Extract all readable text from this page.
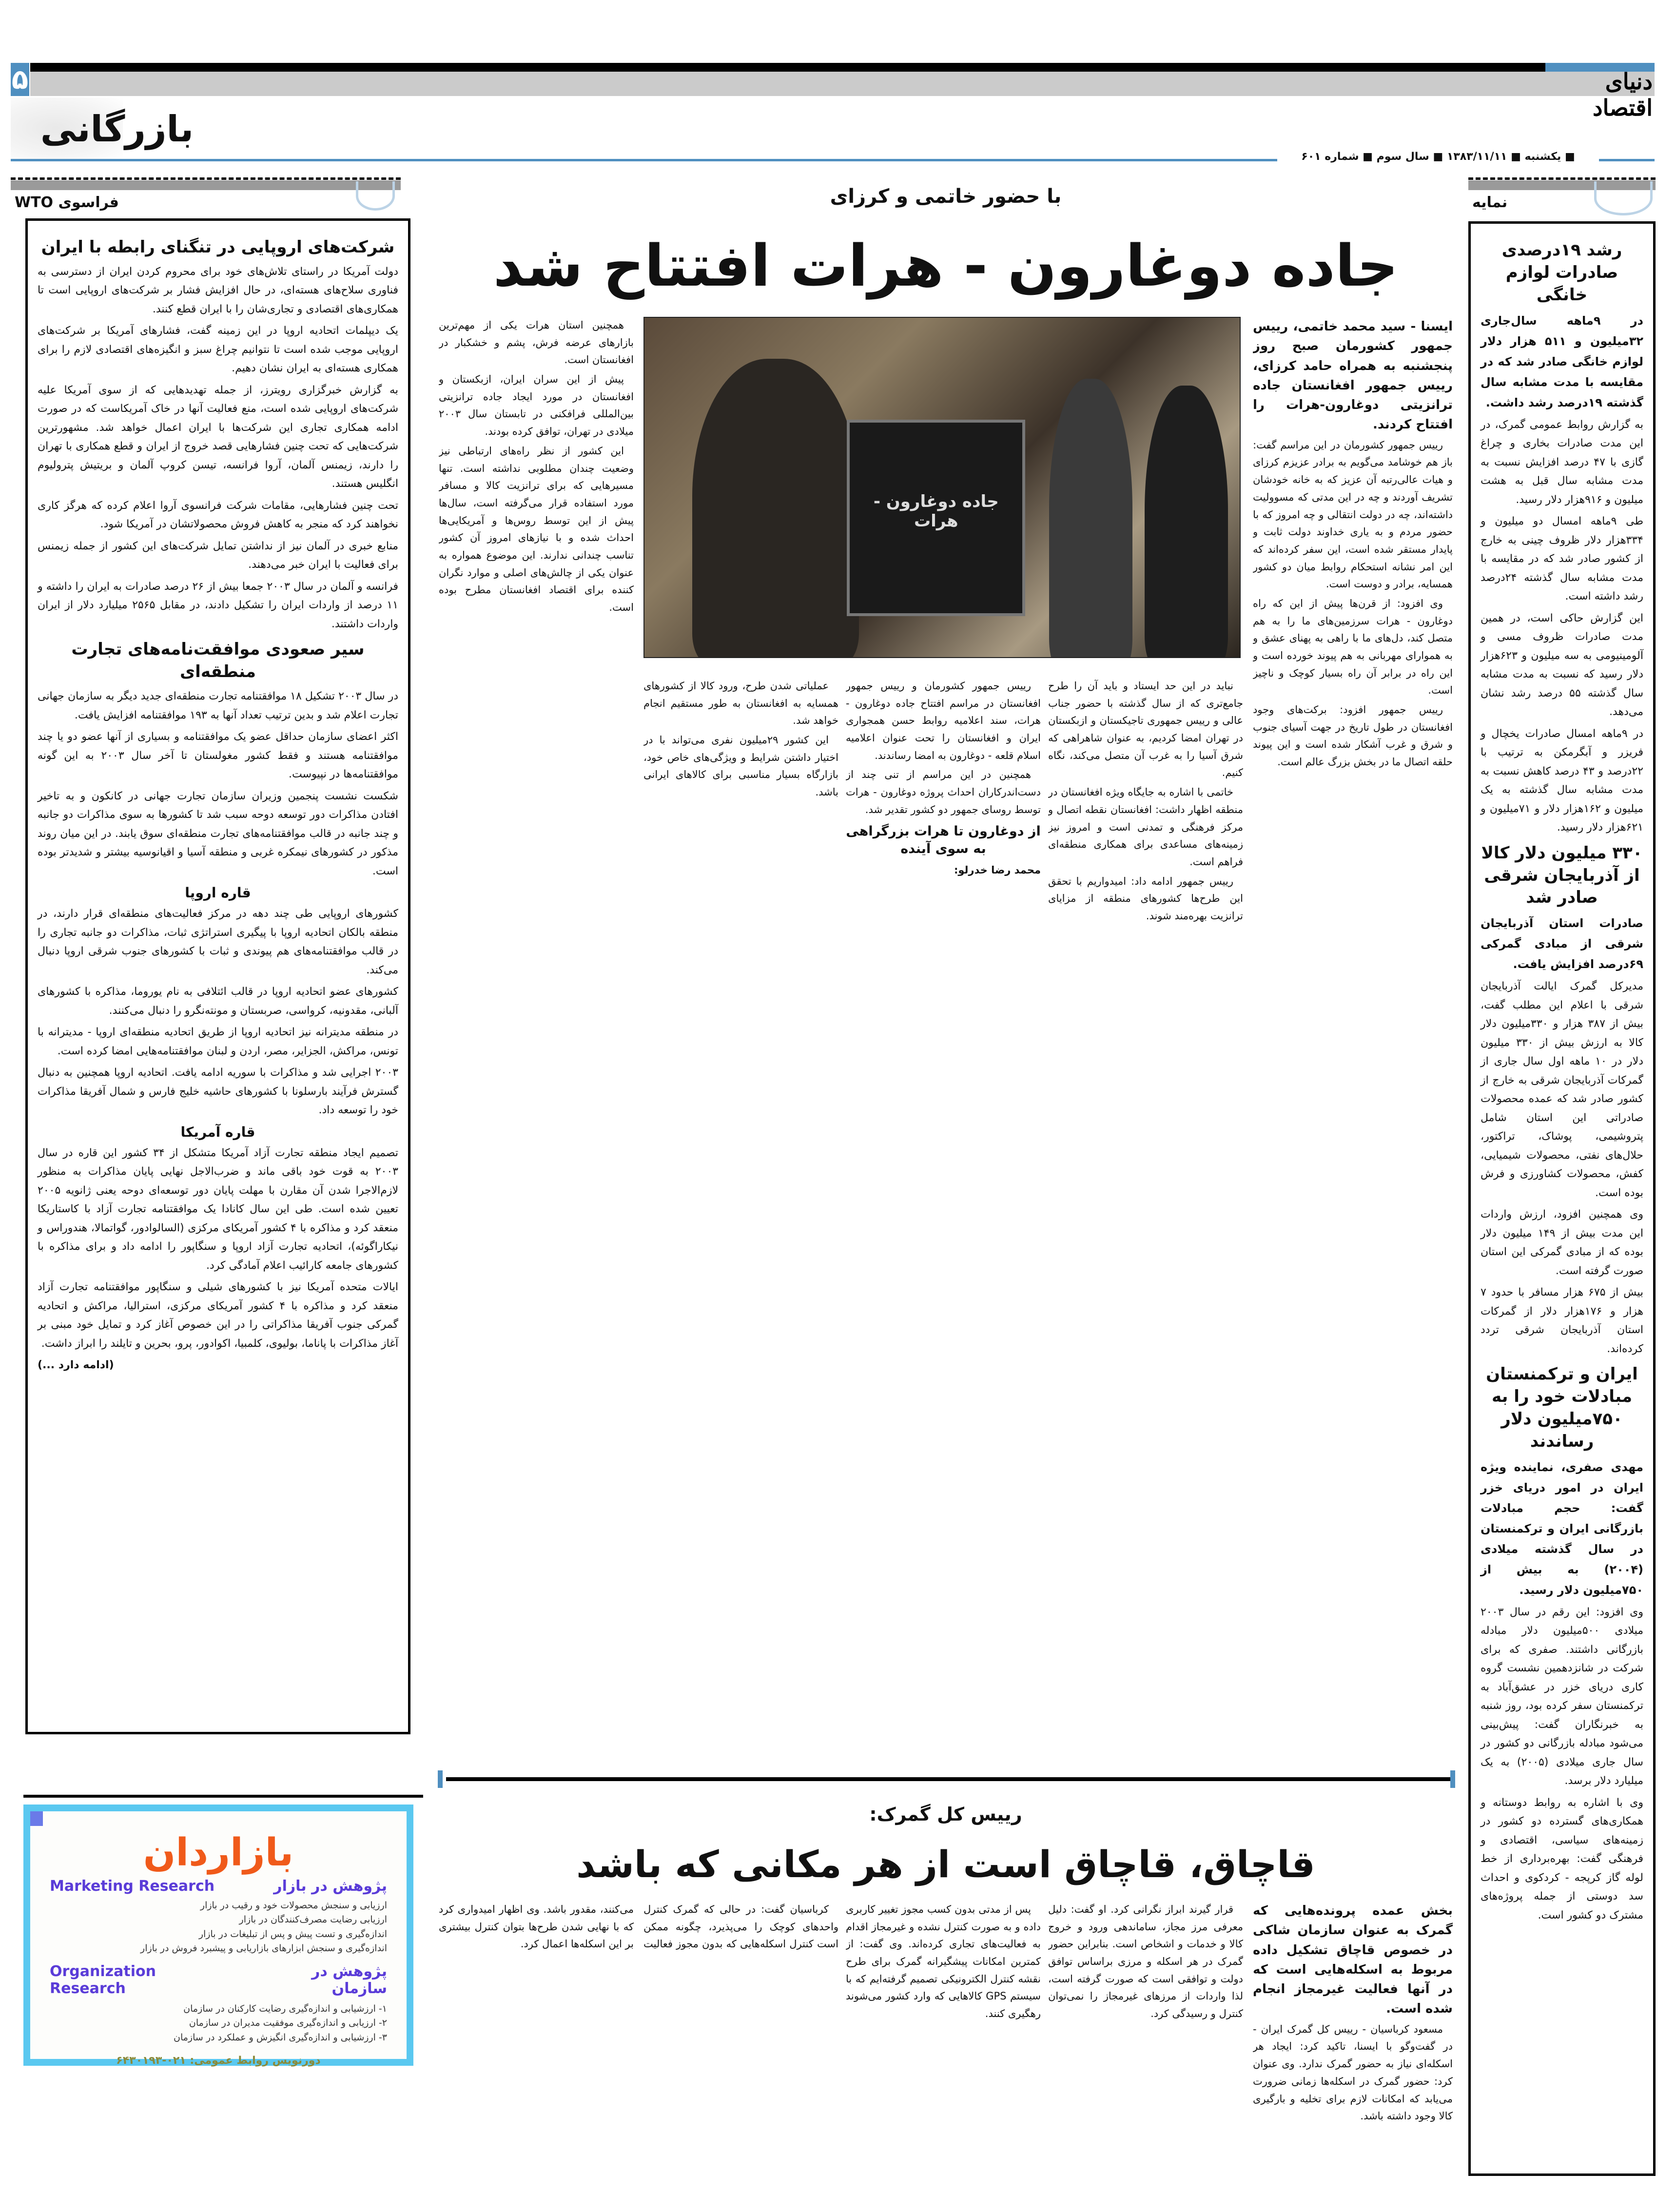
۵	دنیای اقتصاد
بازرگانی
■ یکشنبه ■ ۱۳۸۳/۱۱/۱۱ ■ سال سوم ■ شماره ۶۰۱
فراسوی WTO
شرکت‌های اروپایی در تنگنای رابطه با ایران

دولت آمریکا در راستای تلاش‌های خود برای محروم کردن ایران از دسترسی به فناوری سلاح‌های هسته‌ای، در حال افزایش فشار بر شرکت‌های اروپایی است تا همکاری‌های اقتصادی و تجاری‌شان را با ایران قطع کنند.

یک دیپلمات اتحادیه اروپا در این زمینه گفت، فشارهای آمریکا بر شرکت‌های اروپایی موجب شده است تا نتوانیم چراغ سبز و انگیزه‌های اقتصادی لازم را برای همکاری هسته‌ای به ایران نشان دهیم.

به گزارش خبرگزاری رویترز، از جمله تهدیدهایی که از سوی آمریکا علیه شرکت‌های اروپایی شده است، منع فعالیت آنها در خاک آمریکاست که در صورت ادامه همکاری تجاری این شرکت‌ها با ایران اعمال خواهد شد. مشهورترین شرکت‌هایی که تحت چنین فشارهایی قصد خروج از ایران و قطع همکاری با تهران را دارند، زیمنس آلمان، آروا فرانسه، تیسن کروپ آلمان و بریتیش پترولیوم انگلیس هستند.

تحت چنین فشارهایی، مقامات شرکت فرانسوی آروا اعلام کرده که هرگز کاری نخواهند کرد که منجر به کاهش فروش محصولاتشان در آمریکا شود.

منابع خبری در آلمان نیز از نداشتن تمایل شرکت‌های این کشور از جمله زیمنس برای فعالیت با ایران خبر می‌دهند.

فرانسه و آلمان در سال ۲۰۰۳ جمعا بیش از ۲۶ درصد صادرات به ایران را داشته و ۱۱ درصد از واردات ایران را تشکیل دادند، در مقابل ۲۵۶۵ میلیارد دلار از ایران واردات داشتند.

سیر صعودی موافقت‌نامه‌های تجارت منطقه‌ای

در سال ۲۰۰۳ تشکیل ۱۸ موافقتنامه تجارت منطقه‌ای جدید دیگر به سازمان جهانی تجارت اعلام شد و بدین ترتیب تعداد آنها به ۱۹۳ موافقتنامه افزایش یافت.

اکثر اعضای سازمان حداقل عضو یک موافقتنامه و بسیاری از آنها عضو دو یا چند موافقتنامه هستند و فقط کشور مغولستان تا آخر سال ۲۰۰۳ به این گونه موافقتنامه‌ها در نپیوست.

شکست نشست پنجمین وزیران سازمان تجارت جهانی در کانکون و به تاخیر افتادن مذاکرات دور توسعه دوحه سبب شد تا کشورها به سوی مذاکرات دو جانبه و چند جانبه در قالب موافقتنامه‌های تجارت منطقه‌ای سوق یابند. در این میان روند مذکور در کشورهای نیمکره غربی و منطقه آسیا و اقیانوسیه بیشتر و شدیدتر بوده است.

قاره اروپا

کشورهای اروپایی طی چند دهه در مرکز فعالیت‌های منطقه‌ای قرار دارند، در منطقه بالکان اتحادیه اروپا با پیگیری استراتژی ثبات، مذاکرات دو جانبه تجاری را در قالب موافقتنامه‌های هم پیوندی و ثبات با کشورهای جنوب شرقی اروپا دنبال می‌کند.

کشورهای عضو اتحادیه اروپا در قالب ائتلافی به نام یوروما، مذاکره با کشورهای آلبانی، مقدونیه، کرواسی، صربستان و مونته‌نگرو را دنبال می‌کنند.

در منطقه مدیترانه نیز اتحادیه اروپا از طریق اتحادیه منطقه‌ای اروپا - مدیترانه با تونس، مراکش، الجزایر، مصر، اردن و لبنان موافقتنامه‌هایی امضا کرده است.

۲۰۰۳ اجرایی شد و مذاکرات با سوریه ادامه یافت. اتحادیه اروپا همچنین به دنبال گسترش فرآیند بارسلونا با کشورهای حاشیه خلیج فارس و شمال آفریقا مذاکرات خود را توسعه داد.

قاره آمریکا

تصمیم ایجاد منطقه تجارت آزاد آمریکا متشکل از ۳۴ کشور این قاره در سال ۲۰۰۳ به قوت خود باقی ماند و ضرب‌الاجل نهایی پایان مذاکرات به منظور لازم‌الاجرا شدن آن مقارن با مهلت پایان دور توسعه‌ای دوحه یعنی ژانویه ۲۰۰۵ تعیین شده است. طی این سال کانادا یک موافقتنامه تجارت آزاد با کاستاریکا منعقد کرد و مذاکره با ۴ کشور آمریکای مرکزی (السالوادور، گواتمالا، هندوراس و نیکاراگوئه)، اتحادیه تجارت آزاد اروپا و سنگاپور را ادامه داد و برای مذاکره با کشورهای جامعه کارائیب اعلام آمادگی کرد.

ایالات متحده آمریکا نیز با کشورهای شیلی و سنگاپور موافقتنامه تجارت آزاد منعقد کرد و مذاکره با ۴ کشور آمریکای مرکزی، استرالیا، مراکش و اتحادیه گمرکی جنوب آفریقا مذاکراتی را در این خصوص آغاز کرد و تمایل خود مبنی بر آغاز مذاکرات با پاناما، بولیوی، کلمبیا، اکوادور، پرو، بحرین و تایلند را ابراز داشت.

(ادامه دارد ...)

نمایه
رشد ۱۹درصدی صادرات لوازم خانگی

در ۹ماهه سال‌جاری ۳۲میلیون و ۵۱۱ هزار دلار لوازم خانگی صادر شد که در مقایسه با مدت مشابه سال گذشته ۱۹درصد رشد داشت.

به گزارش روابط عمومی گمرک، در این مدت صادرات بخاری و چراغ گازی با ۴۷ درصد افزایش نسبت به مدت مشابه سال قبل به هشت میلیون و ۹۱۶هزار دلار رسید.

طی ۹ماهه امسال دو میلیون و ۳۳۴هزار دلار ظروف چینی به خارج از کشور صادر شد که در مقایسه با مدت مشابه سال گذشته ۲۴درصد رشد داشته است.

این گزارش حاکی است، در همین مدت صادرات ظروف مسی و آلومینیومی به سه میلیون و ۶۲۳هزار دلار رسید که نسبت به مدت مشابه سال گذشته ۵۵ درصد رشد نشان می‌دهد.

در ۹ماهه امسال صادرات یخچال و فریزر و آبگرمکن به ترتیب با ۲۲درصد و ۴۳ درصد کاهش نسبت به مدت مشابه سال گذشته به یک میلیون و ۱۶۲هزار دلار و ۷۱میلیون و ۶۲۱هزار دلار رسید.

۳۳۰ میلیون دلار کالا از آذربایجان شرقی صادر شد

صادرات استان آذربایجان شرقی از مبادی گمرکی ۶۹درصد افزایش یافت.

مدیرکل گمرک ایالت آذربایجان شرقی با اعلام این مطلب گفت، بیش از ۳۸۷ هزار و ۳۳۰میلیون دلار کالا به ارزش بیش از ۳۳۰ میلیون دلار در ۱۰ ماهه اول سال جاری از گمرکات آذربایجان شرقی به خارج از کشور صادر شد که عمده محصولات صادراتی این استان شامل پتروشیمی، پوشاک، تراکتور، حلال‌های نفتی، محصولات شیمیایی، کفش، محصولات کشاورزی و فرش بوده است.

وی همچنین افزود، ارزش واردات این مدت بیش از ۱۴۹ میلیون دلار بوده که از مبادی گمرکی این استان صورت گرفته است.

بیش از ۶۷۵ هزار مسافر با حدود ۷ هزار و ۱۷۶هزار دلار از گمرکات استان آذربایجان شرقی تردد کرده‌اند.

ایران و ترکمنستان مبادلات خود را به ۷۵۰میلیون دلار رساندند

مهدی صفری، نماینده ویژه ایران در امور دریای خزر گفت: حجم مبادلات بازرگانی ایران و ترکمنستان در سال گذشته میلادی (۲۰۰۴) به بیش از ۷۵۰میلیون دلار رسید.

وی افزود: این رقم در سال ۲۰۰۳ میلادی ۵۰۰میلیون دلار مبادله بازرگانی داشتند. صفری که برای شرکت در شانزدهمین نشست گروه کاری دریای خزر در عشق‌آباد به ترکمنستان سفر کرده بود، روز شنبه به خبرنگاران گفت: پیش‌بینی می‌شود مبادله بازرگانی دو کشور در سال جاری میلادی (۲۰۰۵) به یک میلیارد دلار برسد.

وی با اشاره به روابط دوستانه و همکاری‌های گسترده دو کشور در زمینه‌های سیاسی، اقتصادی و فرهنگی گفت: بهره‌برداری از خط لوله گاز کرپجه - کردکوی و احداث سد دوستی از جمله پروژه‌های مشترک دو کشور است.

با حضور خاتمی و کرزای
جاده دوغارون - هرات افتتاح شد

ایسنا - سید محمد خاتمی، رییس جمهور کشورمان صبح روز پنجشنبه به همراه حامد کرزای، رییس جمهور افغانستان جاده ترانزیتی دوغارون‌-هرات را افتتاح کردند.

رییس جمهور کشورمان در این مراسم گفت: باز هم خوشامد می‌گویم به برادر عزیزم کرزای و هیات عالی‌رتبه آن عزیز که به خانه خودشان تشریف آوردند و چه در این مدتی که مسوولیت داشته‌اند، چه در دولت انتقالی و چه امروز که با حضور مردم و به یاری خداوند دولت ثابت و پایدار مستقر شده است، این سفر کرده‌اند که این امر نشانه استحکام روابط میان دو کشور همسایه، برادر و دوست است.

وی افزود: از قرن‌ها پیش از این که راه دوغارون - هرات سرزمین‌های ما را به هم متصل کند، دل‌های ما با راهی به پهنای عشق و به هموارای مهربانی به هم پیوند خورده است و این راه در برابر آن راه بسیار کوچک و ناچیز است.

رییس جمهور افزود: برکت‌های وجود افغانستان در طول تاریخ در جهت آسیای جنوب و شرق و غرب آشکار شده است و این پیوند حلقه اتصال ما در بخش بزرگ عالم است.

جاده دوغارون - هرات

همچنین استان هرات یکی از مهم‌ترین بازارهای عرضه فرش، پشم و خشکبار در افغانستان است.

پیش از این سران ایران، ازبکستان و افغانستان در مورد ایجاد جاده ترانزیتی بین‌المللی فرافکنی در تابستان سال ۲۰۰۳ میلادی در تهران، توافق کرده بودند.

این کشور از نظر راه‌های ارتباطی نیز وضعیت چندان مطلوبی نداشته است. تنها مسیرهایی که برای ترانزیت کالا و مسافر مورد استفاده قرار می‌گرفته است، سال‌ها پیش از این توسط روس‌ها و آمریکایی‌ها احداث شده و با نیازهای امروز آن کشور تناسب چندانی ندارند. این موضوع همواره به عنوان یکی از چالش‌های اصلی و موارد نگران کننده برای اقتصاد افغانستان مطرح بوده است.

نباید در این حد ایستاد و باید آن را طرح جامع‌تری که از سال گذشته با حضور جناب عالی و رییس جمهوری تاجیکستان و ازبکستان در تهران امضا کردیم، به عنوان شاهراهی که شرق آسیا را به غرب آن متصل می‌کند، نگاه کنیم.

خاتمی با اشاره به جایگاه ویژه افغانستان در منطقه اظهار داشت: افغانستان نقطه اتصال و مرکز فرهنگی و تمدنی است و امروز نیز زمینه‌های مساعدی برای همکاری منطقه‌ای فراهم است.

رییس جمهور ادامه داد: امیدواریم با تحقق این طرح‌ها کشورهای منطقه از مزایای ترانزیت بهره‌مند شوند.

رییس جمهور کشورمان و رییس جمهور افغانستان در مراسم افتتاح جاده دوغارون - هرات، سند اعلامیه روابط حسن همجواری ایران و افغانستان را تحت عنوان اعلامیه اسلام قلعه - دوغارون به امضا رساندند.

همچنین در این مراسم از تنی چند از دست‌اندرکاران احداث پروژه دوغارون - هرات توسط روسای جمهور دو کشور تقدیر شد.

از دوغارون تا هرات بزرگراهی به سوی آینده

محمد رضا خدرلو:

عملیاتی شدن طرح، ورود کالا از کشورهای همسایه به افغانستان به طور مستقیم انجام خواهد شد.

این کشور ۲۹میلیون نفری می‌تواند با در اختیار داشتن شرایط و ویژگی‌های خاص خود، بازارگاه بسیار مناسبی برای کالاهای ایرانی باشد.

رییس کل گمرک:
قاچاق، قاچاق است از هر مکانی که باشد

بخش عمده پرونده‌هایی که گمرک به عنوان سازمان شاکی در خصوص قاچاق تشکیل داده مربوط به اسکله‌هایی است که در آنها فعالیت غیرمجاز انجام شده است.

مسعود کرباسیان - رییس کل گمرک ایران - در گفت‌وگو با ایسنا، تاکید کرد: ایجاد هر اسکله‌ای نیاز به حضور گمرک ندارد. وی عنوان کرد: حضور گمرک در اسکله‌ها زمانی ضرورت می‌یابد که امکانات لازم برای تخلیه و بارگیری کالا وجود داشته باشد.

قرار گیرند ابراز نگرانی کرد. او گفت: دلیل معرفی مرز مجاز، ساماندهی ورود و خروج کالا و خدمات و اشخاص است. بنابراین حضور گمرک در هر اسکله و مرزی براساس توافق دولت و توافقی است که صورت گرفته است، لذا واردات از مرزهای غیرمجاز را نمی‌توان کنترل و رسیدگی کرد.

پس از مدتی بدون کسب مجوز تغییر کاربری داده و به صورت کنترل نشده و غیرمجاز اقدام به فعالیت‌های تجاری کرده‌اند. وی گفت: از کمترین امکانات پیشگیرانه گمرک برای طرح نقشه کنترل الکترونیکی تصمیم گرفته‌ایم که با سیستم GPS کالاهایی که وارد کشور می‌شوند رهگیری کنند.

کرباسیان گفت: در حالی که گمرک کنترل واحدهای کوچک را می‌پذیرد، چگونه ممکن است کنترل اسکله‌هایی که بدون مجوز فعالیت می‌کنند، مقدور باشد. وی اظهار امیدواری کرد که با نهایی شدن طرح‌ها بتوان کنترل بیشتری بر این اسکله‌ها اعمال کرد.

بازاردان
پژوهش در بازار
Marketing Research
ارزیابی و سنجش محصولات خود و رقیب در بازار
ارزیابی رضایت مصرف‌کنندگان در بازار
اندازه‌گیری و تست پیش و پس از تبلیغات در بازار
اندازه‌گیری و سنجش ابزارهای بازاریابی و پیشبرد فروش در بازار
پژوهش در سازمان
Organization Research
۱- ارزشیابی و اندازه‌گیری رضایت کارکنان در سازمان
۲- ارزیابی و اندازه‌گیری موفقیت مدیران در سازمان
۳- ارزشیابی و اندازه‌گیری انگیزش و عملکرد در سازمان
دورنویس روابط عمومی: ۰۲۱-۶۴۳۰۱۹۳
